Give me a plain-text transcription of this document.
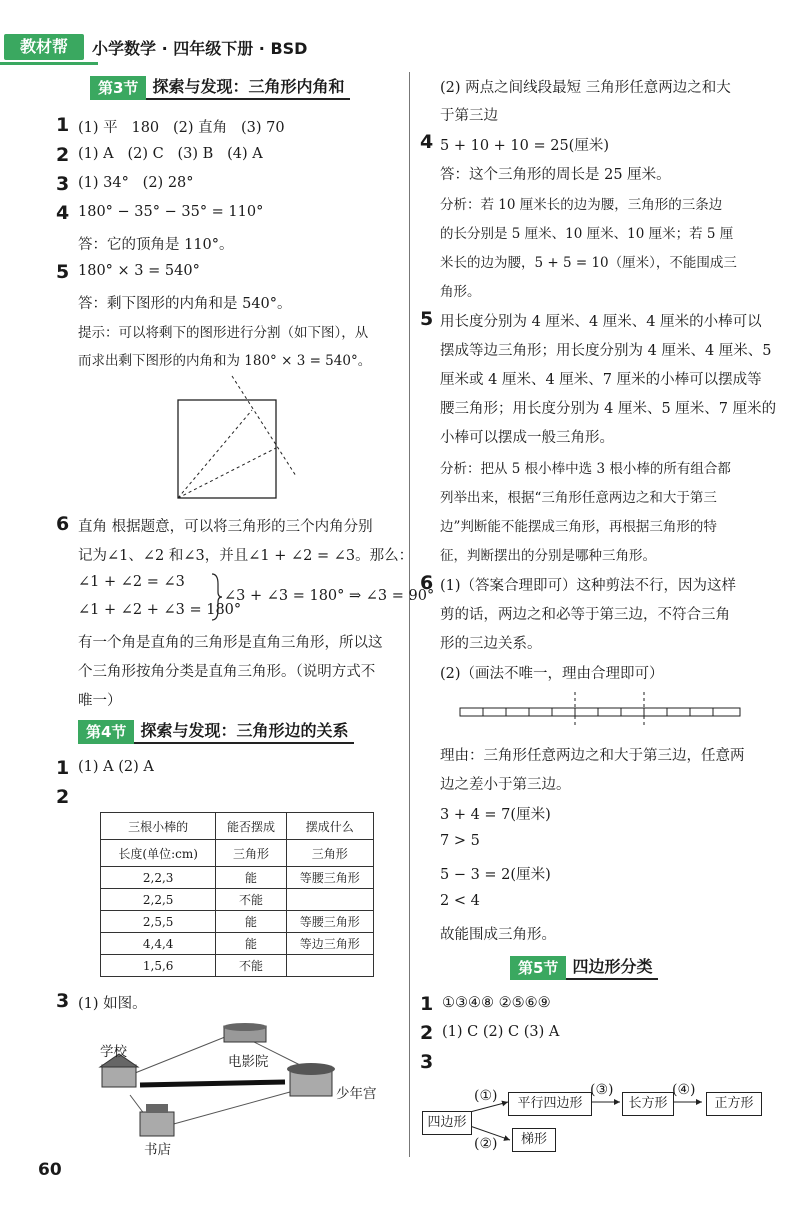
教材帮	小学数学 · 四年级下册 · BSD
第3节 探索与发现：三角形内角和
1 (1) 平   180   (2) 直角   (3) 70
2 (1) A   (2) C   (3) B   (4) A
3 (1) 34°   (2) 28°
4 180° − 35° − 35° = 110°
答：它的顶角是 110°。
5 180° × 3 = 540°
答：剩下图形的内角和是 540°。
提示：可以将剩下的图形进行分割（如下图），从
而求出剩下图形的内角和为 180° × 3 = 540°。
6 直角 根据题意，可以将三角形的三个内角分别
记为∠1、∠2 和∠3，并且∠1 + ∠2 = ∠3。那么：
∠1 + ∠2 = ∠3
∠1 + ∠2 + ∠3 = 180°
∠3 + ∠3 = 180° ⇒ ∠3 = 90°
有一个角是直角的三角形是直角三角形，所以这
个三角形按角分类是直角三角形。（说明方式不
唯一）
第4节 探索与发现：三角形边的关系
1 (1) A (2) A
2
三根小棒的	能否摆成	摆成什么
长度(单位:cm)	三角形	三角形
2,2,3	能	等腰三角形
2,2,5	不能	
2,5,5	能	等腰三角形
4,4,4	能	等边三角形
1,5,6	不能	
3 (1) 如图。
学校
电影院
少年宫
书店
60
(2) 两点之间线段最短 三角形任意两边之和大
于第三边
4 5 + 10 + 10 = 25(厘米)
答：这个三角形的周长是 25 厘米。
分析：若 10 厘米长的边为腰，三角形的三条边
的长分别是 5 厘米、10 厘米、10 厘米；若 5 厘
米长的边为腰，5 + 5 = 10（厘米），不能围成三
角形。
5 用长度分别为 4 厘米、4 厘米、4 厘米的小棒可以
摆成等边三角形；用长度分别为 4 厘米、4 厘米、5
厘米或 4 厘米、4 厘米、7 厘米的小棒可以摆成等
腰三角形；用长度分别为 4 厘米、5 厘米、7 厘米的
小棒可以摆成一般三角形。
分析：把从 5 根小棒中选 3 根小棒的所有组合都
列举出来，根据“三角形任意两边之和大于第三
边”判断能不能摆成三角形，再根据三角形的特
征，判断摆出的分别是哪种三角形。
6 (1)（答案合理即可）这种剪法不行，因为这样
剪的话，两边之和必等于第三边，不符合三角
形的三边关系。
(2)（画法不唯一，理由合理即可）
理由：三角形任意两边之和大于第三边，任意两
边之差小于第三边。
3 + 4 = 7(厘米)
7 > 5
5 − 3 = 2(厘米)
2 < 4
故能围成三角形。
第5节 四边形分类
1 ①③④⑧ ②⑤⑥⑨
2 (1) C (2) C (3) A
3
四边形
平行四边形	长方形	正方形
梯形
(①)
(②)
(③)	(④)
